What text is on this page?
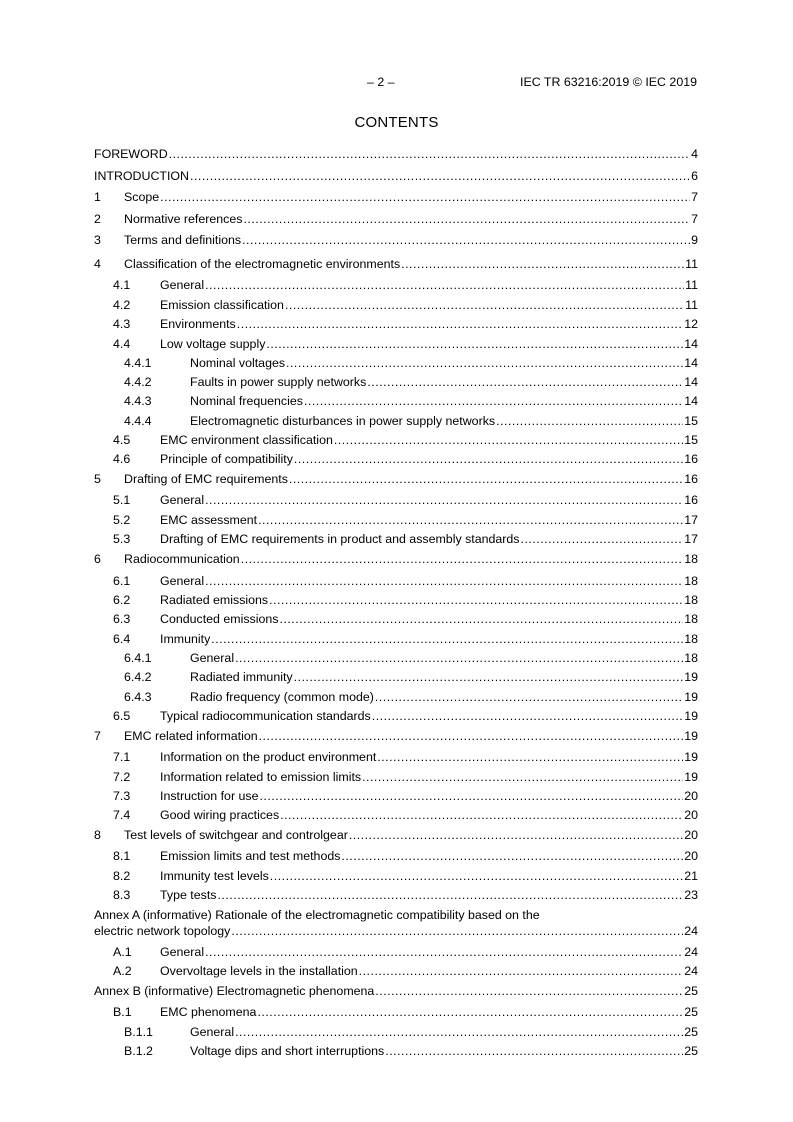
– 2 –	IEC TR 63216:2019 © IEC 2019
CONTENTS
FOREWORD .....	4
INTRODUCTION .....	6
1	Scope .....	7
2	Normative references .....	7
3	Terms and definitions .....	9
4	Classification of the electromagnetic environments .....	11
4.1	General .....	11
4.2	Emission classification .....	11
4.3	Environments .....	12
4.4	Low voltage supply .....	14
4.4.1	Nominal voltages .....	14
4.4.2	Faults in power supply networks .....	14
4.4.3	Nominal frequencies .....	14
4.4.4	Electromagnetic disturbances in power supply networks .....	15
4.5	EMC environment classification .....	15
4.6	Principle of compatibility .....	16
5	Drafting of EMC requirements .....	16
5.1	General .....	16
5.2	EMC assessment .....	17
5.3	Drafting of EMC requirements in product and assembly standards .....	17
6	Radiocommunication .....	18
6.1	General .....	18
6.2	Radiated emissions .....	18
6.3	Conducted emissions .....	18
6.4	Immunity .....	18
6.4.1	General .....	18
6.4.2	Radiated immunity .....	19
6.4.3	Radio frequency (common mode) .....	19
6.5	Typical radiocommunication standards .....	19
7	EMC related information .....	19
7.1	Information on the product environment .....	19
7.2	Information related to emission limits .....	19
7.3	Instruction for use .....	20
7.4	Good wiring practices .....	20
8	Test levels of switchgear and controlgear .....	20
8.1	Emission limits and test methods .....	20
8.2	Immunity test levels .....	21
8.3	Type tests .....	23
Annex A (informative) Rationale of the electromagnetic compatibility based on the
electric network topology .....	24
A.1	General .....	24
A.2	Overvoltage levels in the installation .....	24
Annex B (informative) Electromagnetic phenomena .....	25
B.1	EMC phenomena .....	25
B.1.1	General .....	25
B.1.2	Voltage dips and short interruptions .....	25
